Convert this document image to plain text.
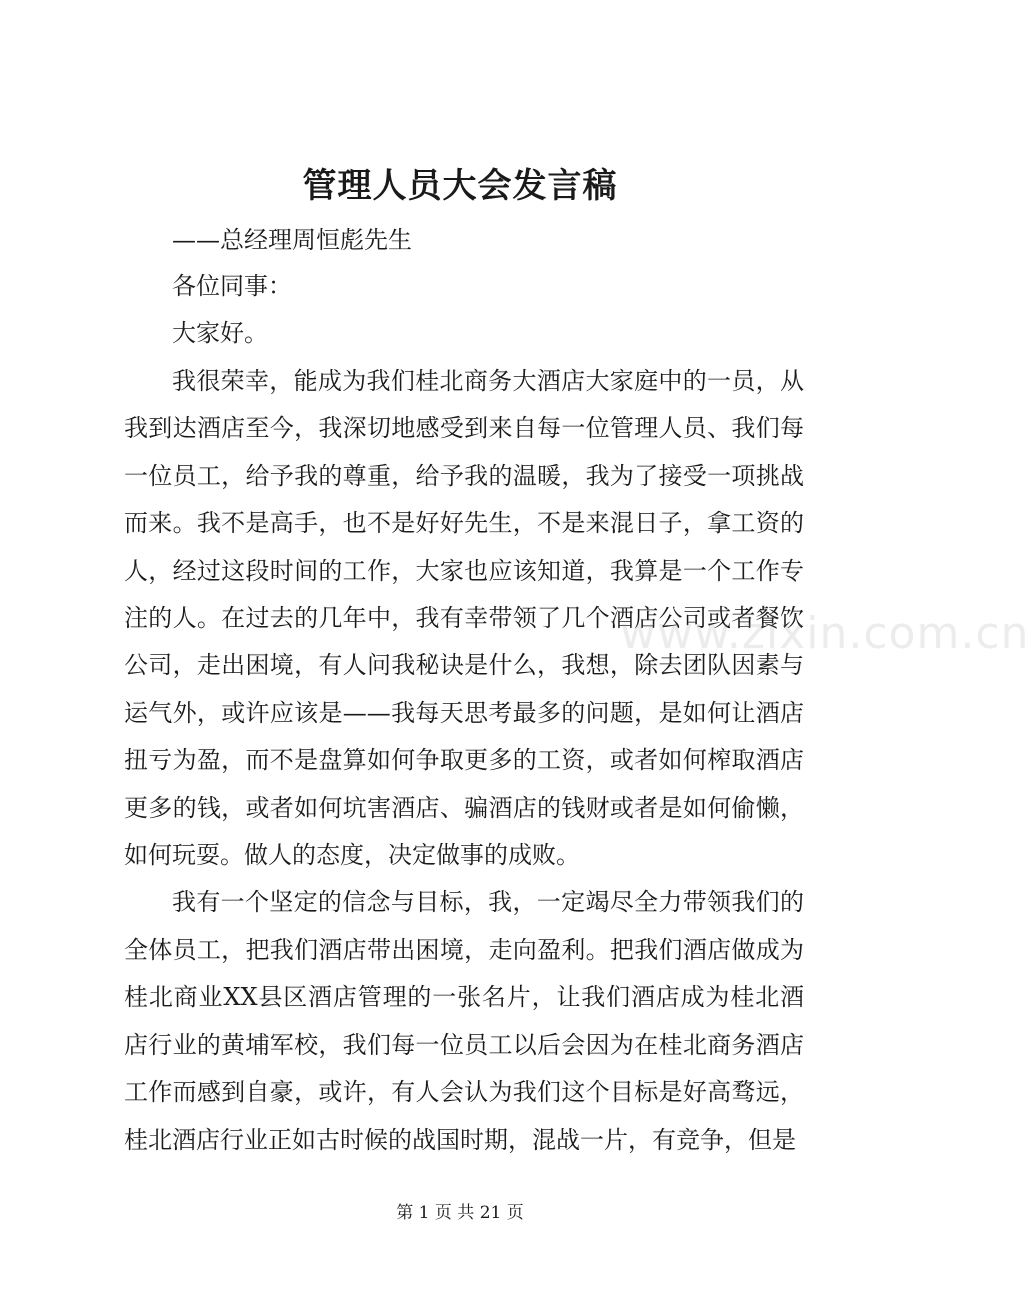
管理人员大会发言稿
——总经理周恒彪先生
各位同事：
大家好。

我很荣幸，能成为我们桂北商务大酒店大家庭中的一员，从我到达酒店至今，我深切地感受到来自每一位管理人员、我们每一位员工，给予我的尊重，给予我的温暖，我为了接受一项挑战而来。我不是高手，也不是好好先生，不是来混日子，拿工资的人，经过这段时间的工作，大家也应该知道，我算是一个工作专注的人。在过去的几年中，我有幸带领了几个酒店公司或者餐饮公司，走出困境，有人问我秘诀是什么，我想，除去团队因素与运气外，或许应该是——我每天思考最多的问题，是如何让酒店扭亏为盈，而不是盘算如何争取更多的工资，或者如何榨取酒店更多的钱，或者如何坑害酒店、骗酒店的钱财或者是如何偷懒，如何玩耍。做人的态度，决定做事的成败。

我有一个坚定的信念与目标，我，一定竭尽全力带领我们的全体员工，把我们酒店带出困境，走向盈利。把我们酒店做成为桂北商业XX县区酒店管理的一张名片，让我们酒店成为桂北酒店行业的黄埔军校，我们每一位员工以后会因为在桂北商务酒店工作而感到自豪，或许，有人会认为我们这个目标是好高骛远，桂北酒店行业正如古时候的战国时期，混战一片，有竞争，但是

www.zixin.com.cn
第 1 页 共 21 页
